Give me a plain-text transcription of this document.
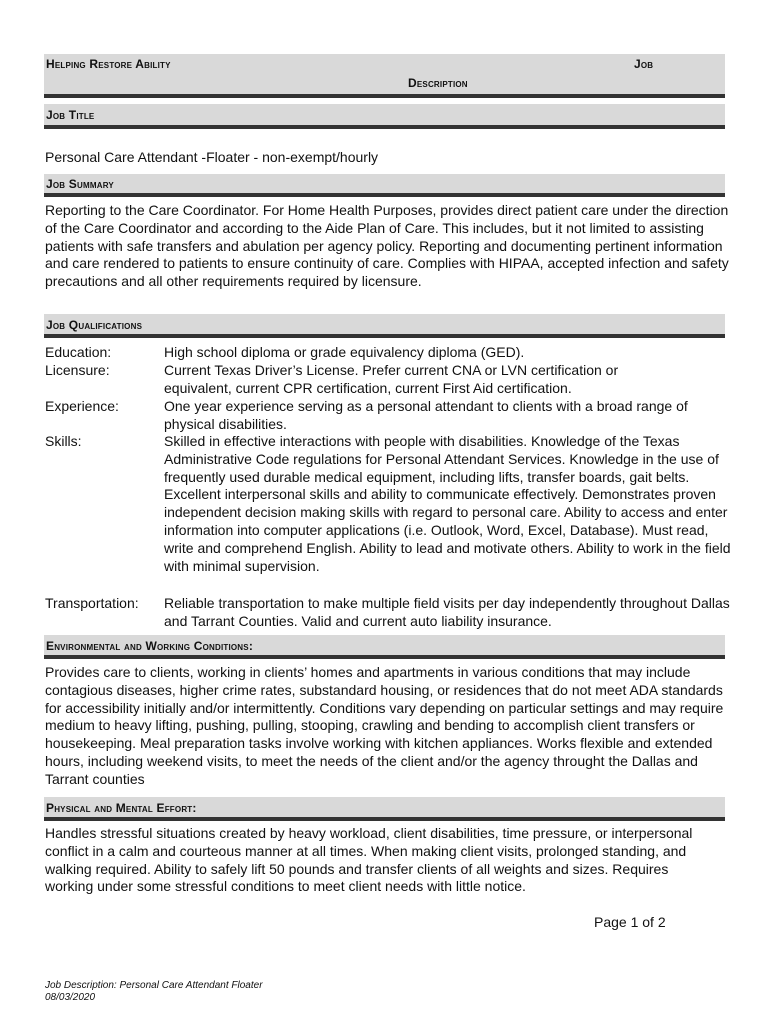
Helping Restore Ability	Job
Description
Job Title
Personal Care Attendant -Floater - non-exempt/hourly
Job Summary
Reporting to the Care Coordinator. For Home Health Purposes, provides direct patient care under the direction of the Care Coordinator and according to the Aide Plan of Care. This includes, but it not limited to assisting patients with safe transfers and abulation per agency policy. Reporting and documenting pertinent information and care rendered to patients to ensure continuity of care. Complies with HIPAA, accepted infection and safety precautions and all other requirements required by licensure.
Job Qualifications
Education:	High school diploma or grade equivalency diploma (GED).
Licensure:	Current Texas Driver’s License. Prefer current CNA or LVN certification or equivalent, current CPR certification, current First Aid certification.
Experience:	One year experience serving as a personal attendant to clients with a broad range of physical disabilities.
Skills:	Skilled in effective interactions with people with disabilities. Knowledge of the Texas Administrative Code regulations for Personal Attendant Services. Knowledge in the use of frequently used durable medical equipment, including lifts, transfer boards, gait belts. Excellent interpersonal skills and ability to communicate effectively. Demonstrates proven independent decision making skills with regard to personal care. Ability to access and enter information into computer applications (i.e. Outlook, Word, Excel, Database). Must read, write and comprehend English. Ability to lead and motivate others. Ability to work in the field with minimal supervision.
Transportation: Reliable transportation to make multiple field visits per day independently throughout Dallas and Tarrant Counties. Valid and current auto liability insurance.
Environmental and Working Conditions:
Provides care to clients, working in clients’ homes and apartments in various conditions that may include contagious diseases, higher crime rates, substandard housing, or residences that do not meet ADA standards for accessibility initially and/or intermittently. Conditions vary depending on particular settings and may require medium to heavy lifting, pushing, pulling, stooping, crawling and bending to accomplish client transfers or housekeeping. Meal preparation tasks involve working with kitchen appliances. Works flexible and extended hours, including weekend visits, to meet the needs of the client and/or the agency throught the Dallas and Tarrant counties
Physical and Mental Effort:
Handles stressful situations created by heavy workload, client disabilities, time pressure, or interpersonal conflict in a calm and courteous manner at all times. When making client visits, prolonged standing, and walking required. Ability to safely lift 50 pounds and transfer clients of all weights and sizes. Requires working under some stressful conditions to meet client needs with little notice.
Page 1 of 2
Job Description: Personal Care Attendant Floater
08/03/2020
